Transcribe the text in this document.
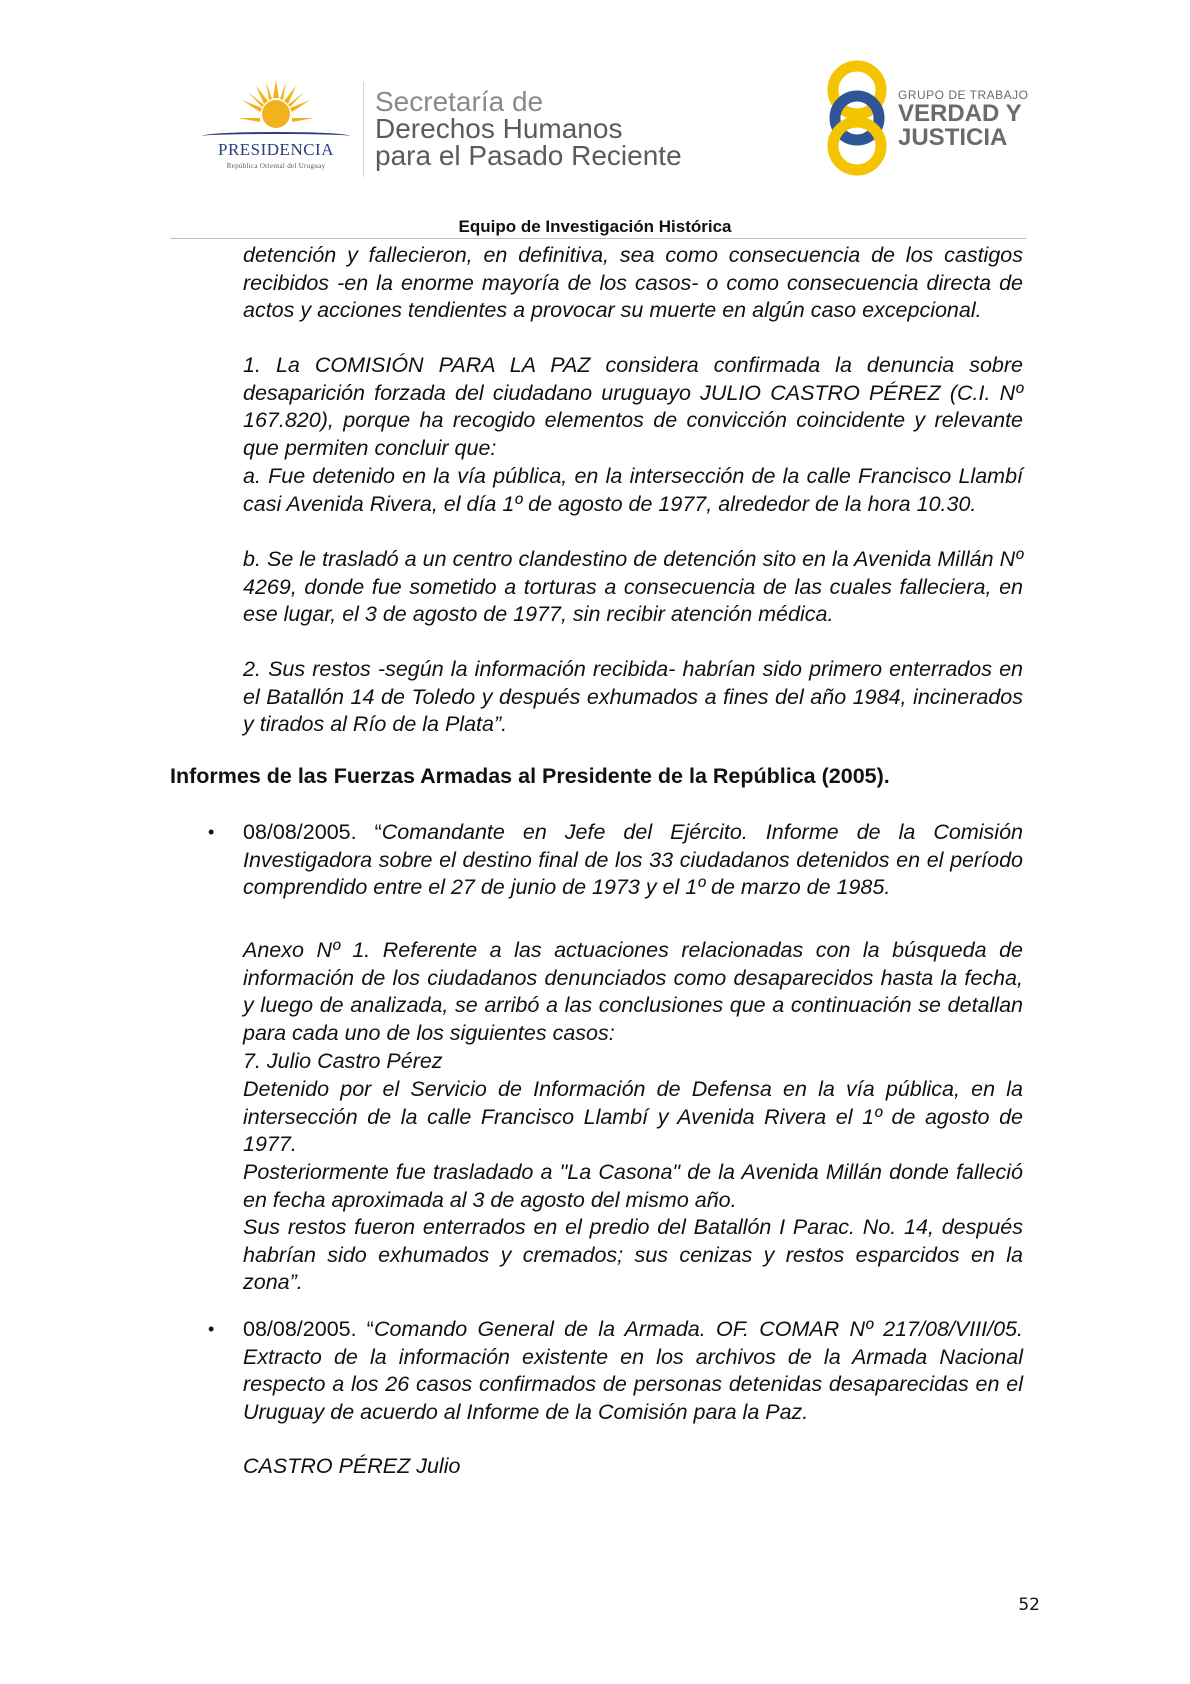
PRESIDENCIA
República Oriental del Uruguay
Secretaría de
Derechos Humanos
para el Pasado Reciente
GRUPO DE TRABAJO
VERDAD Y
JUSTICIA
Equipo de Investigación Histórica
detención y fallecieron, en definitiva, sea como consecuencia de los castigos recibidos -en la enorme mayoría de los casos- o como consecuencia directa de actos y acciones tendientes a provocar su muerte en algún caso excepcional.
1. La COMISIÓN PARA LA PAZ considera confirmada la denuncia sobre desaparición forzada del ciudadano uruguayo JULIO CASTRO PÉREZ (C.I. Nº 167.820), porque ha recogido elementos de convicción coincidente y relevante que permiten concluir que:
a. Fue detenido en la vía pública, en la intersección de la calle Francisco Llambí casi Avenida Rivera, el día 1º de agosto de 1977, alrededor de la hora 10.30.
b. Se le trasladó a un centro clandestino de detención sito en la Avenida Millán Nº 4269, donde fue sometido a torturas a consecuencia de las cuales falleciera, en ese lugar, el 3 de agosto de 1977, sin recibir atención médica.
2. Sus restos -según la información recibida- habrían sido primero enterrados en el Batallón 14 de Toledo y después exhumados a fines del año 1984, incinerados y tirados al Río de la Plata”.
Informes de las Fuerzas Armadas al Presidente de la República (2005).
• 08/08/2005. “Comandante en Jefe del Ejército. Informe de la Comisión Investigadora sobre el destino final de los 33 ciudadanos detenidos en el período comprendido entre el 27 de junio de 1973 y el 1º de marzo de 1985.
Anexo Nº 1. Referente a las actuaciones relacionadas con la búsqueda de información de los ciudadanos denunciados como desaparecidos hasta la fecha, y luego de analizada, se arribó a las conclusiones que a continuación se detallan para cada uno de los siguientes casos:
7. Julio Castro Pérez
Detenido por el Servicio de Información de Defensa en la vía pública, en la intersección de la calle Francisco Llambí y Avenida Rivera el 1º de agosto de 1977.
Posteriormente fue trasladado a "La Casona" de la Avenida Millán donde falleció en fecha aproximada al 3 de agosto del mismo año.
Sus restos fueron enterrados en el predio del Batallón I Parac. No. 14, después habrían sido exhumados y cremados; sus cenizas y restos esparcidos en la zona”.
• 08/08/2005. “Comando General de la Armada. OF. COMAR Nº 217/08/VIII/05. Extracto de la información existente en los archivos de la Armada Nacional respecto a los 26 casos confirmados de personas detenidas desaparecidas en el Uruguay de acuerdo al Informe de la Comisión para la Paz.
CASTRO PÉREZ Julio
52
